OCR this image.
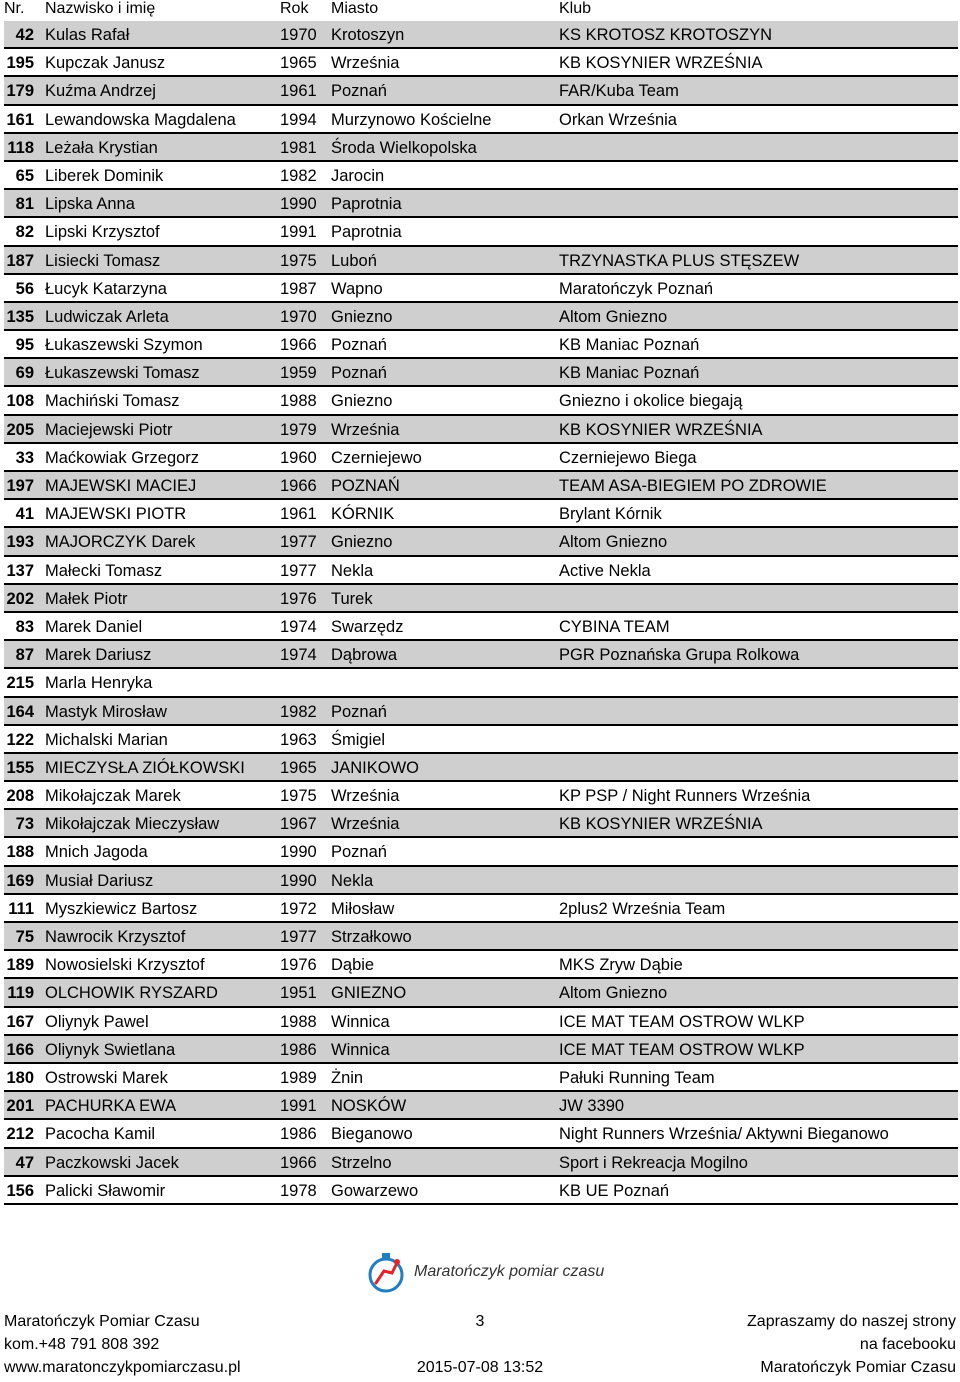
Nr. Nazwisko i imię	Rok Miasto	Klub
42 Kulas Rafał	1970 Krotoszyn	KS KROTOSZ KROTOSZYN
195 Kupczak Janusz	1965 Września	KB KOSYNIER WRZEŚNIA
179 Kuźma Andrzej	1961 Poznań	FAR/Kuba Team
161 Lewandowska Magdalena	1994 Murzynowo Kościelne	Orkan Września
118 Leżała Krystian	1981 Środa Wielkopolska
65 Liberek Dominik	1982 Jarocin
81 Lipska Anna	1990 Paprotnia
82 Lipski Krzysztof	1991 Paprotnia
187 Lisiecki Tomasz	1975 Luboń	TRZYNASTKA PLUS STĘSZEW
56 Łucyk Katarzyna	1987 Wapno	Maratończyk Poznań
135 Ludwiczak Arleta	1970 Gniezno	Altom Gniezno
95 Łukaszewski Szymon	1966 Poznań	KB Maniac Poznań
69 Łukaszewski Tomasz	1959 Poznań	KB Maniac Poznań
108 Machiński Tomasz	1988 Gniezno	Gniezno i okolice biegają
205 Maciejewski Piotr	1979 Września	KB KOSYNIER WRZEŚNIA
33 Maćkowiak Grzegorz	1960 Czerniejewo	Czerniejewo Biega
197 MAJEWSKI MACIEJ	1966 POZNAŃ	TEAM ASA-BIEGIEM PO ZDROWIE
41 MAJEWSKI PIOTR	1961 KÓRNIK	Brylant Kórnik
193 MAJORCZYK Darek	1977 Gniezno	Altom Gniezno
137 Małecki Tomasz	1977 Nekla	Active Nekla
202 Małek Piotr	1976 Turek
83 Marek Daniel	1974 Swarzędz	CYBINA TEAM
87 Marek Dariusz	1974 Dąbrowa	PGR Poznańska Grupa Rolkowa
215 Marla Henryka
164 Mastyk Mirosław	1982 Poznań
122 Michalski Marian	1963 Śmigiel
155 MIECZYSŁA ZIÓŁKOWSKI 1965 JANIKOWO
208 Mikołajczak Marek	1975 Września	KP PSP / Night Runners Września
73 Mikołajczak Mieczysław	1967 Września	KB KOSYNIER WRZEŚNIA
188 Mnich Jagoda	1990 Poznań
169 Musiał Dariusz	1990 Nekla
111 Myszkiewicz Bartosz	1972 Miłosław	2plus2 Września Team
75 Nawrocik Krzysztof	1977 Strzałkowo
189 Nowosielski Krzysztof	1976 Dąbie	MKS Zryw Dąbie
119 OLCHOWIK RYSZARD	1951 GNIEZNO	Altom Gniezno
167 Oliynyk Pawel	1988 Winnica	ICE MAT TEAM OSTROW WLKP
166 Oliynyk Swietlana	1986 Winnica	ICE MAT TEAM OSTROW WLKP
180 Ostrowski Marek	1989 Żnin	Pałuki Running Team
201 PACHURKA EWA	1991 NOSKÓW	JW 3390
212 Pacocha Kamil	1986 Bieganowo	Night Runners Września/ Aktywni Bieganowo
47 Paczkowski Jacek	1966 Strzelno	Sport i Rekreacja Mogilno
156 Palicki Sławomir	1978 Gowarzewo	KB UE Poznań
Maratończyk pomiar czasu
Maratończyk Pomiar Czasu
kom.+48 791 808 392
www.maratonczykpomiarczasu.pl
3
2015-07-08 13:52
Zapraszamy do naszej strony
na facebooku
Maratończyk Pomiar Czasu
